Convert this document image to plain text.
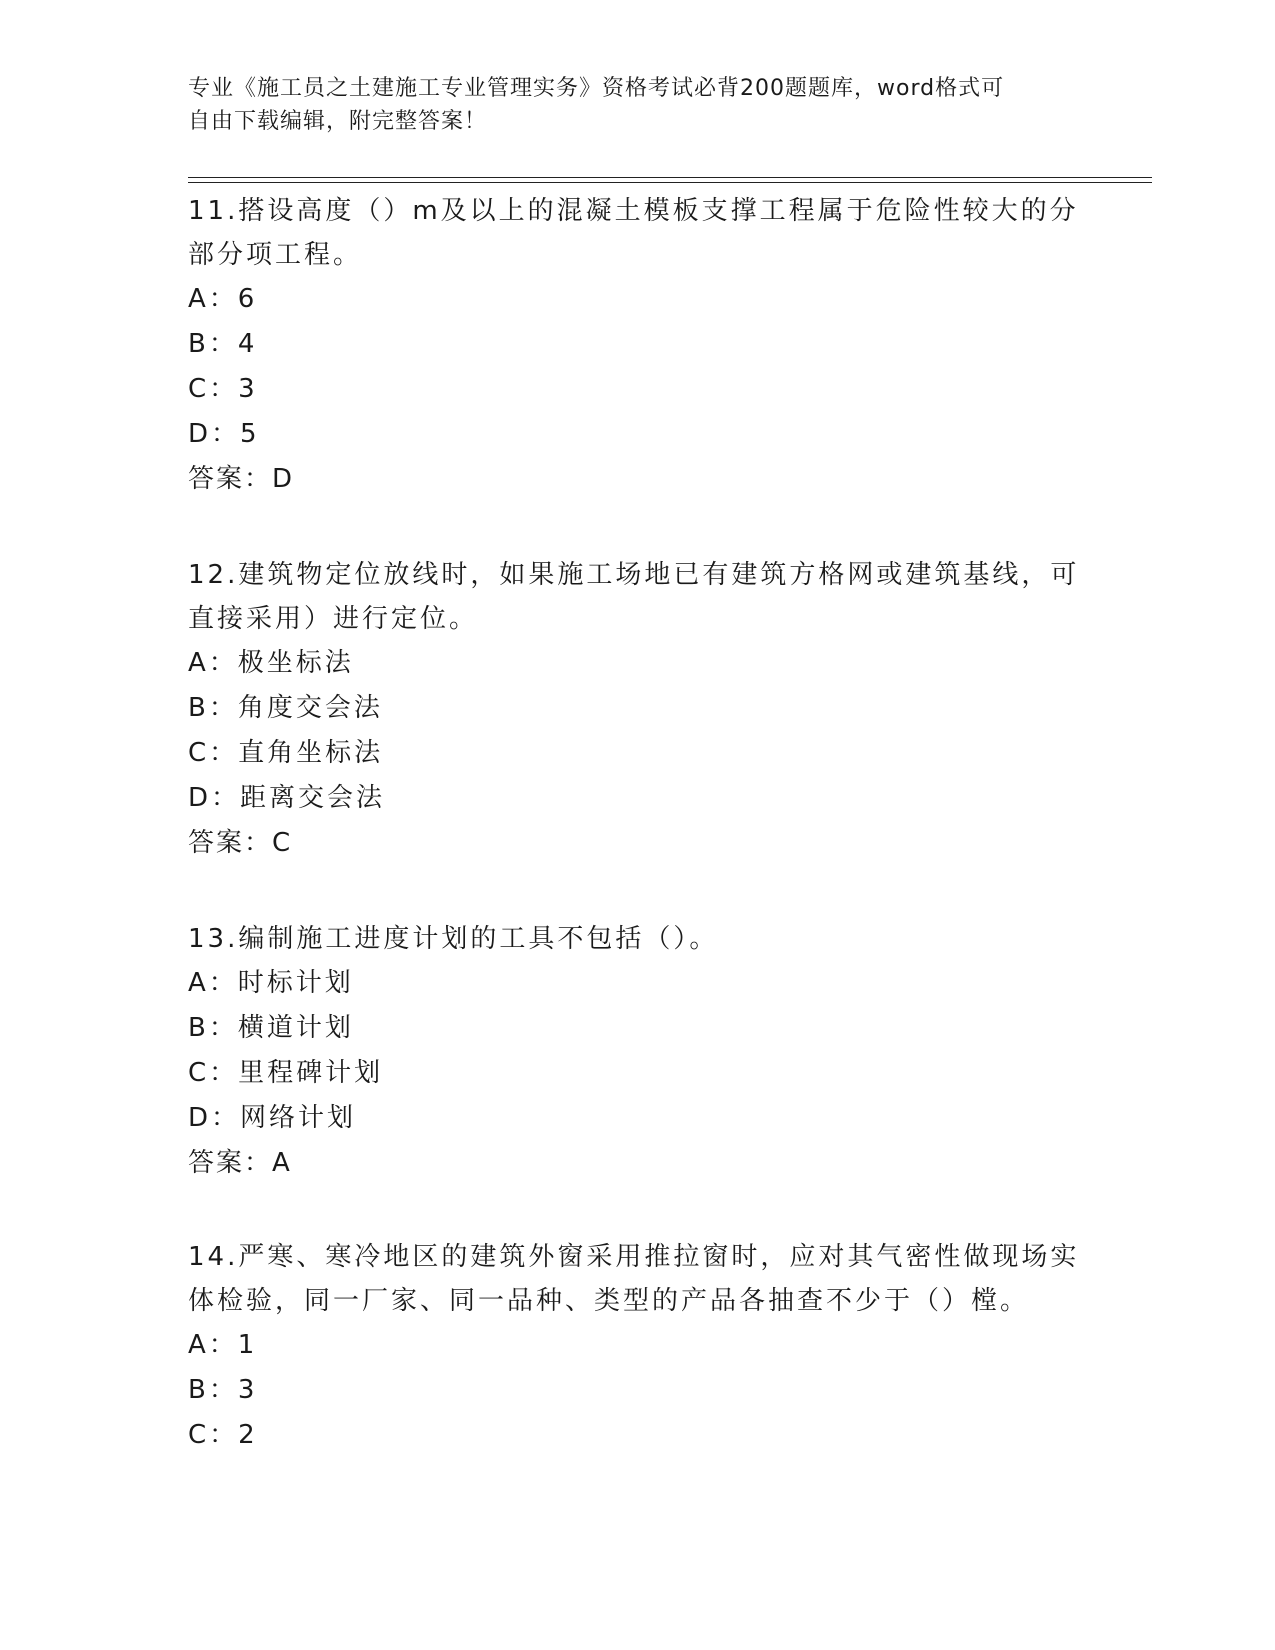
专业《施工员之土建施工专业管理实务》资格考试必背200题题库，word格式可
自由下载编辑，附完整答案！

11.搭设高度（）m及以上的混凝土模板支撑工程属于危险性较大的分
部分项工程。

A：6

B：4

C：3

D：5

答案：D

12.建筑物定位放线时，如果施工场地已有建筑方格网或建筑基线，可
直接采用）进行定位。

A：极坐标法

B：角度交会法

C：直角坐标法

D：距离交会法

答案：C

13.编制施工进度计划的工具不包括（）。

A：时标计划

B：横道计划

C：里程碑计划

D：网络计划

答案：A

14.严寒、寒冷地区的建筑外窗采用推拉窗时，应对其气密性做现场实
体检验，同一厂家、同一品种、类型的产品各抽查不少于（）樘。

A：1

B：3

C：2
